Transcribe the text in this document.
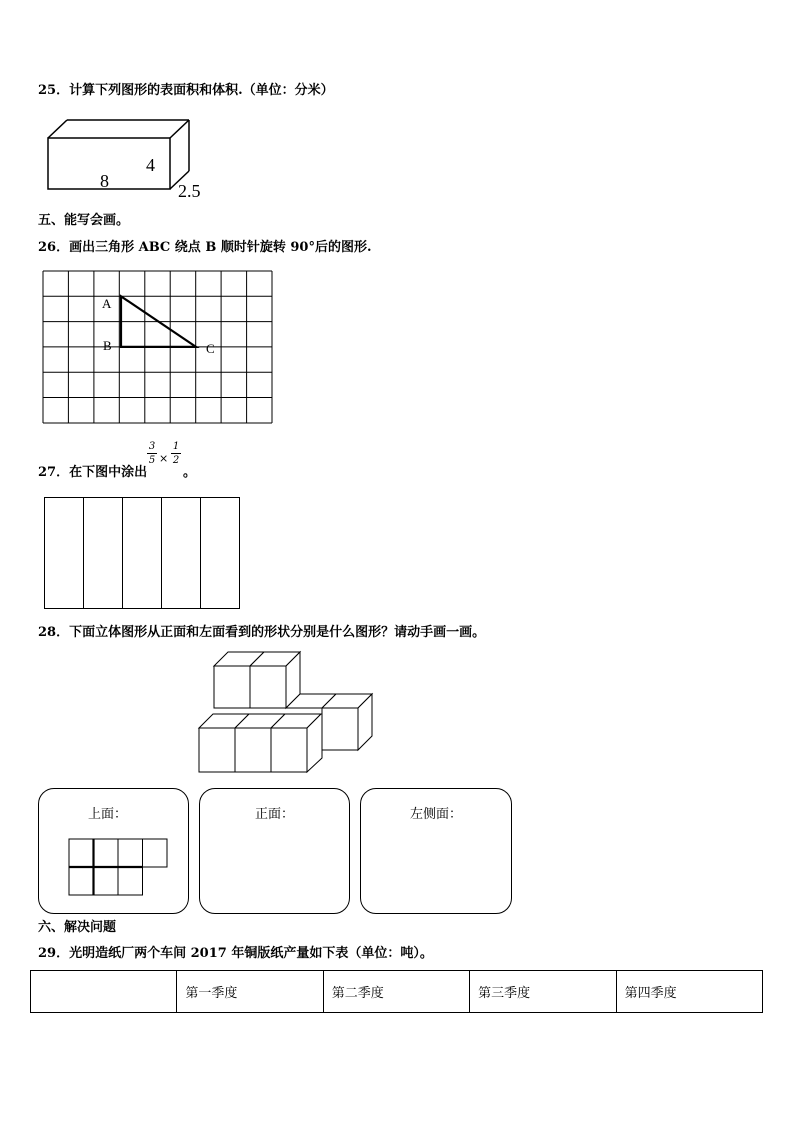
25．计算下列图形的表面积和体积.（单位：分米）
8
4
2.5
五、能写会画。
26．画出三角形 ABC 绕点 B 顺时针旋转 90°后的图形.
A
B	C
27．在下图中涂出
3
5 ×
1
2
。
28．下面立体图形从正面和左面看到的形状分别是什么图形？请动手画一画。
上面：	正面：	左侧面：
六、解决问题
29．光明造纸厂两个车间 2017 年铜版纸产量如下表（单位：吨）。
	第一季度	第二季度	第三季度	第四季度
